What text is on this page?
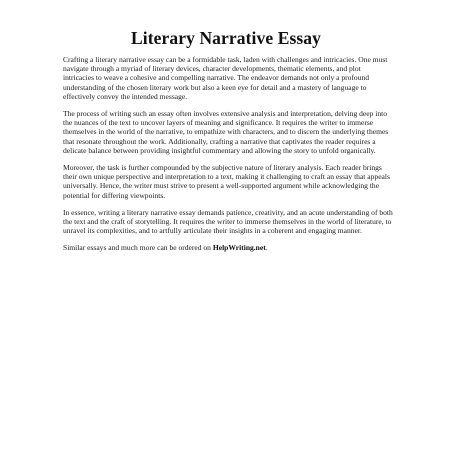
Literary Narrative Essay

Crafting a literary narrative essay can be a formidable task, laden with challenges and intricacies. One must navigate through a myriad of literary devices, character developments, thematic elements, and plot intricacies to weave a cohesive and compelling narrative. The endeavor demands not only a profound understanding of the chosen literary work but also a keen eye for detail and a mastery of language to effectively convey the intended message.

The process of writing such an essay often involves extensive analysis and interpretation, delving deep into the nuances of the text to uncover layers of meaning and significance. It requires the writer to immerse themselves in the world of the narrative, to empathize with characters, and to discern the underlying themes that resonate throughout the work. Additionally, crafting a narrative that captivates the reader requires a delicate balance between providing insightful commentary and allowing the story to unfold organically.

Moreover, the task is further compounded by the subjective nature of literary analysis. Each reader brings their own unique perspective and interpretation to a text, making it challenging to craft an essay that appeals universally. Hence, the writer must strive to present a well-supported argument while acknowledging the potential for differing viewpoints.

In essence, writing a literary narrative essay demands patience, creativity, and an acute understanding of both the text and the craft of storytelling. It requires the writer to immerse themselves in the world of literature, to unravel its complexities, and to artfully articulate their insights in a coherent and engaging manner.

Similar essays and much more can be ordered on HelpWriting.net.
